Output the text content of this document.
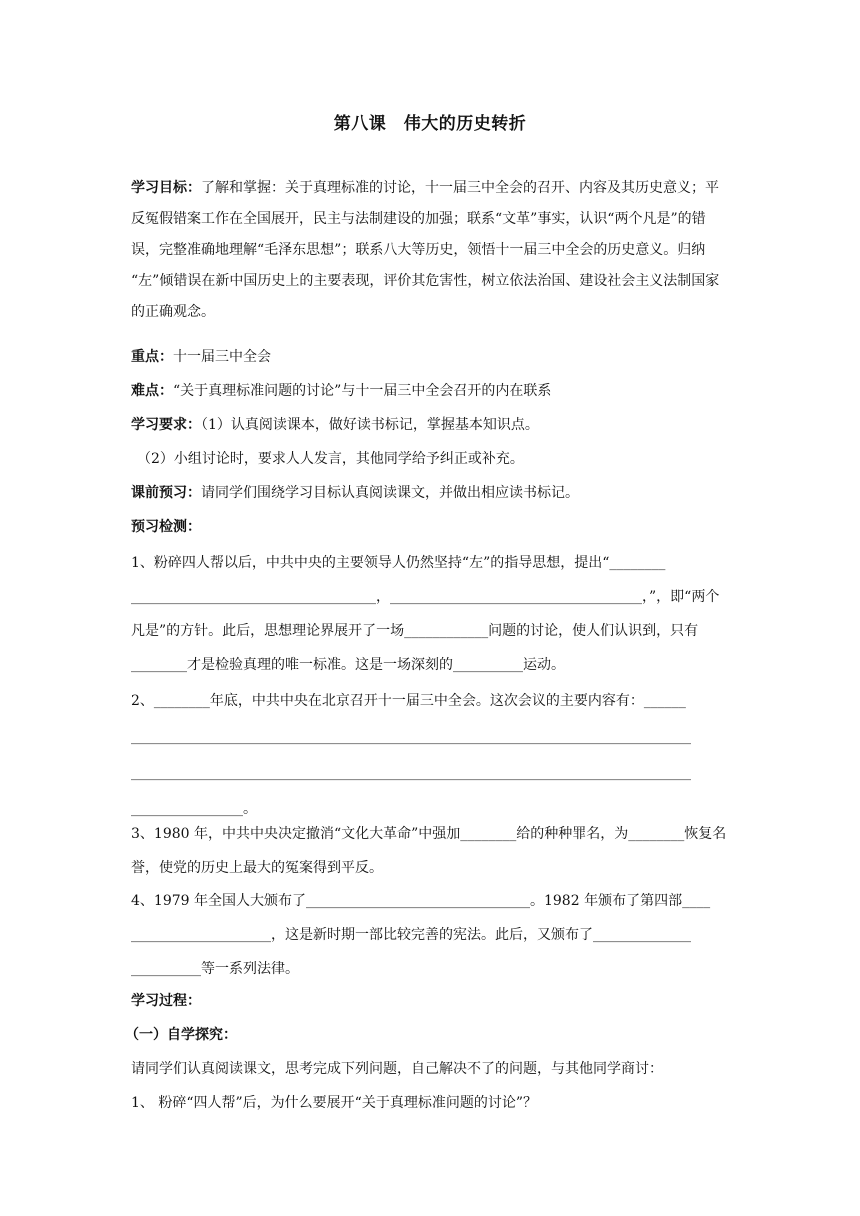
第八课　伟大的历史转折
学习目标：了解和掌握：关于真理标准的讨论，十一届三中全会的召开、内容及其历史意义；平反冤假错案工作在全国展开，民主与法制建设的加强；联系“文革”事实，认识“两个凡是”的错误，完整准确地理解“毛泽东思想”；联系八大等历史，领悟十一届三中全会的历史意义。归纳 “左”倾错误在新中国历史上的主要表现，评价其危害性，树立依法治国、建设社会主义法制国家的正确观念。
重点：十一届三中全会
难点：“关于真理标准问题的讨论”与十一届三中全会召开的内在联系
学习要求：（1）认真阅读课本，做好读书标记，掌握基本知识点。
（2）小组讨论时，要求人人发言，其他同学给予纠正或补充。
课前预习：请同学们围绕学习目标认真阅读课文，并做出相应读书标记。
预习检测：
1、粉碎四人帮以后，中共中央的主要领导人仍然坚持“左”的指导思想，提出“________ ___________________________________，____________________________________，”，即“两个凡是”的方针。此后，思想理论界展开了一场____________问题的讨论，使人们认识到，只有________才是检验真理的唯一标准。这是一场深刻的__________运动。
2、________年底，中共中央在北京召开十一届三中全会。这次会议的主要内容有：______
________________________________________________________________________________
________________________________________________________________________________
________________。
3、1980 年，中共中央决定撤消“文化大革命”中强加________给的种种罪名，为________恢复名誉，使党的历史上最大的冤案得到平反。
4、1979 年全国人大颁布了________________________________。1982 年颁布了第四部____ ____________________，这是新时期一部比较完善的宪法。此后，又颁布了______________ __________等一系列法律。
学习过程：
（一）自学探究：
请同学们认真阅读课文，思考完成下列问题，自己解决不了的问题，与其他同学商讨：
1、 粉碎“四人帮”后，为什么要展开“关于真理标准问题的讨论”？
